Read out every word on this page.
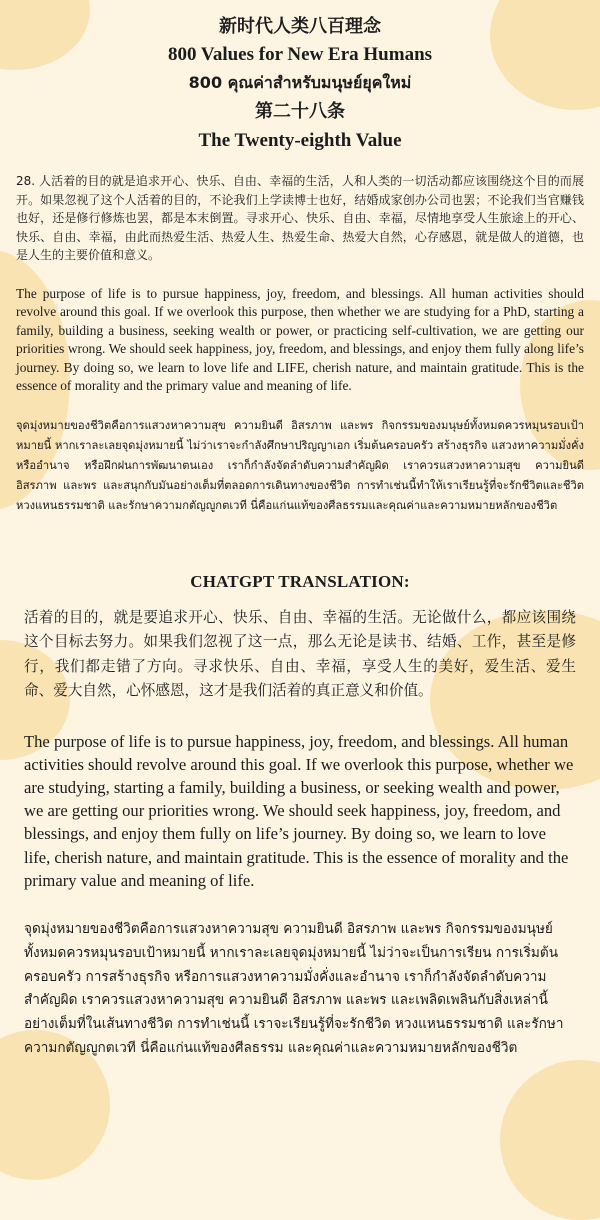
新时代人类八百理念
800 Values for New Era Humans
800 คุณค่าสำหรับมนุษย์ยุคใหม่
第二十八条
The Twenty-eighth Value

28. 人活着的目的就是追求开心、快乐、自由、幸福的生活，人和人类的一切活动都应该围绕这个目的而展开。如果忽视了这个人活着的目的，不论我们上学读博士也好，结婚成家创办公司也罢；不论我们当官赚钱也好，还是修行修炼也罢，都是本末倒置。寻求开心、快乐、自由、幸福，尽情地享受人生旅途上的开心、快乐、自由、幸福，由此而热爱生活、热爱人生、热爱生命、热爱大自然，心存感恩，就是做人的道德，也是人生的主要价值和意义。

The purpose of life is to pursue happiness, joy, freedom, and blessings. All human activities should revolve around this goal. If we overlook this purpose, then whether we are studying for a PhD, starting a family, building a business, seeking wealth or power, or practicing self-cultivation, we are getting our priorities wrong. We should seek happiness, joy, freedom, and blessings, and enjoy them fully along life’s journey. By doing so, we learn to love life and LIFE, cherish nature, and maintain gratitude. This is the essence of morality and the primary value and meaning of life.

จุดมุ่งหมายของชีวิตคือการแสวงหาความสุข ความยินดี อิสรภาพ และพร กิจกรรมของมนุษย์ทั้งหมดควรหมุนรอบเป้าหมายนี้ หากเราละเลยจุดมุ่งหมายนี้ ไม่ว่าเราจะกำลังศึกษาปริญญาเอก เริ่มต้นครอบครัว สร้างธุรกิจ แสวงหาความมั่งคั่งหรืออำนาจ หรือฝึกฝนการพัฒนาตนเอง เราก็กำลังจัดลำดับความสำคัญผิด เราควรแสวงหาความสุข ความยินดี อิสรภาพ และพร และสนุกกับมันอย่างเต็มที่ตลอดการเดินทางของชีวิต การทำเช่นนี้ทำให้เราเรียนรู้ที่จะรักชีวิตและชีวิต หวงแหนธรรมชาติ และรักษาความกตัญญูกตเวที นี่คือแก่นแท้ของศีลธรรมและคุณค่าและความหมายหลักของชีวิต

CHATGPT TRANSLATION:

活着的目的，就是要追求开心、快乐、自由、幸福的生活。无论做什么，都应该围绕这个目标去努力。如果我们忽视了这一点，那么无论是读书、结婚、工作，甚至是修行，我们都走错了方向。寻求快乐、自由、幸福，享受人生的美好，爱生活、爱生命、爱大自然，心怀感恩，这才是我们活着的真正意义和价值。

The purpose of life is to pursue happiness, joy, freedom, and blessings. All human activities should revolve around this goal. If we overlook this purpose, whether we are studying, starting a family, building a business, or seeking wealth and power, we are getting our priorities wrong. We should seek happiness, joy, freedom, and blessings, and enjoy them fully on life’s journey. By doing so, we learn to love life, cherish nature, and maintain gratitude. This is the essence of morality and the primary value and meaning of life.

จุดมุ่งหมายของชีวิตคือการแสวงหาความสุข ความยินดี อิสรภาพ และพร กิจกรรมของมนุษย์ทั้งหมดควรหมุนรอบเป้าหมายนี้ หากเราละเลยจุดมุ่งหมายนี้ ไม่ว่าจะเป็นการเรียน การเริ่มต้นครอบครัว การสร้างธุรกิจ หรือการแสวงหาความมั่งคั่งและอำนาจ เราก็กำลังจัดลำดับความสำคัญผิด เราควรแสวงหาความสุข ความยินดี อิสรภาพ และพร และเพลิดเพลินกับสิ่งเหล่านี้อย่างเต็มที่ในเส้นทางชีวิต การทำเช่นนี้ เราจะเรียนรู้ที่จะรักชีวิต หวงแหนธรรมชาติ และรักษาความกตัญญูกตเวที นี่คือแก่นแท้ของศีลธรรม และคุณค่าและความหมายหลักของชีวิต
